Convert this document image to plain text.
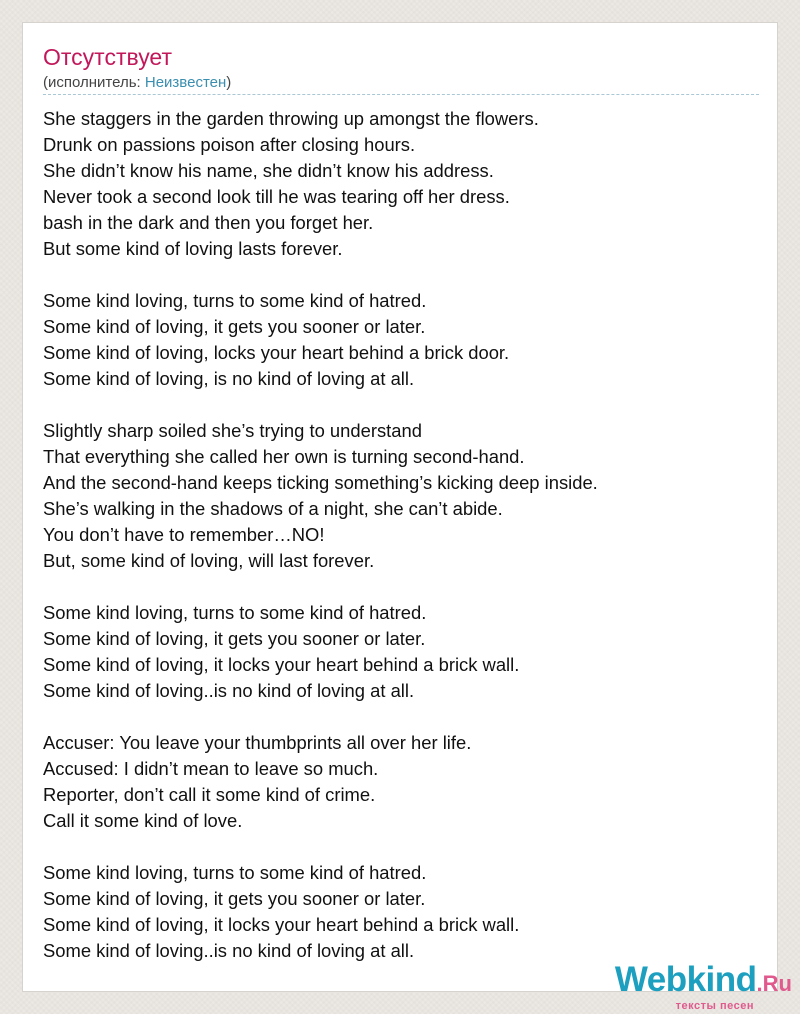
Отсутствует
(исполнитель: Неизвестен)
She staggers in the garden throwing up amongst the flowers.
Drunk on passions poison after closing hours.
She didn’t know his name, she didn’t know his address.
Never took a second look till he was tearing off her dress.
bash in the dark and then you forget her.
But some kind of loving lasts forever.
Some kind loving, turns to some kind of hatred.
Some kind of loving, it gets you sooner or later.
Some kind of loving, locks your heart behind a brick door.
Some kind of loving, is no kind of loving at all.
Slightly sharp soiled she’s trying to understand
That everything she called her own is turning second-hand.
And the second-hand keeps ticking something’s kicking deep inside.
She’s walking in the shadows of a night, she can’t abide.
You don’t have to remember…NO!
But, some kind of loving, will last forever.
Some kind loving, turns to some kind of hatred.
Some kind of loving, it gets you sooner or later.
Some kind of loving, it locks your heart behind a brick wall.
Some kind of loving..is no kind of loving at all.
Accuser: You leave your thumbprints all over her life.
Accused: I didn’t mean to leave so much.
Reporter, don’t call it some kind of crime.
Call it some kind of love.
Some kind loving, turns to some kind of hatred.
Some kind of loving, it gets you sooner or later.
Some kind of loving, it locks your heart behind a brick wall.
Some kind of loving..is no kind of loving at all.
Webkind.Ru
тексты песен
